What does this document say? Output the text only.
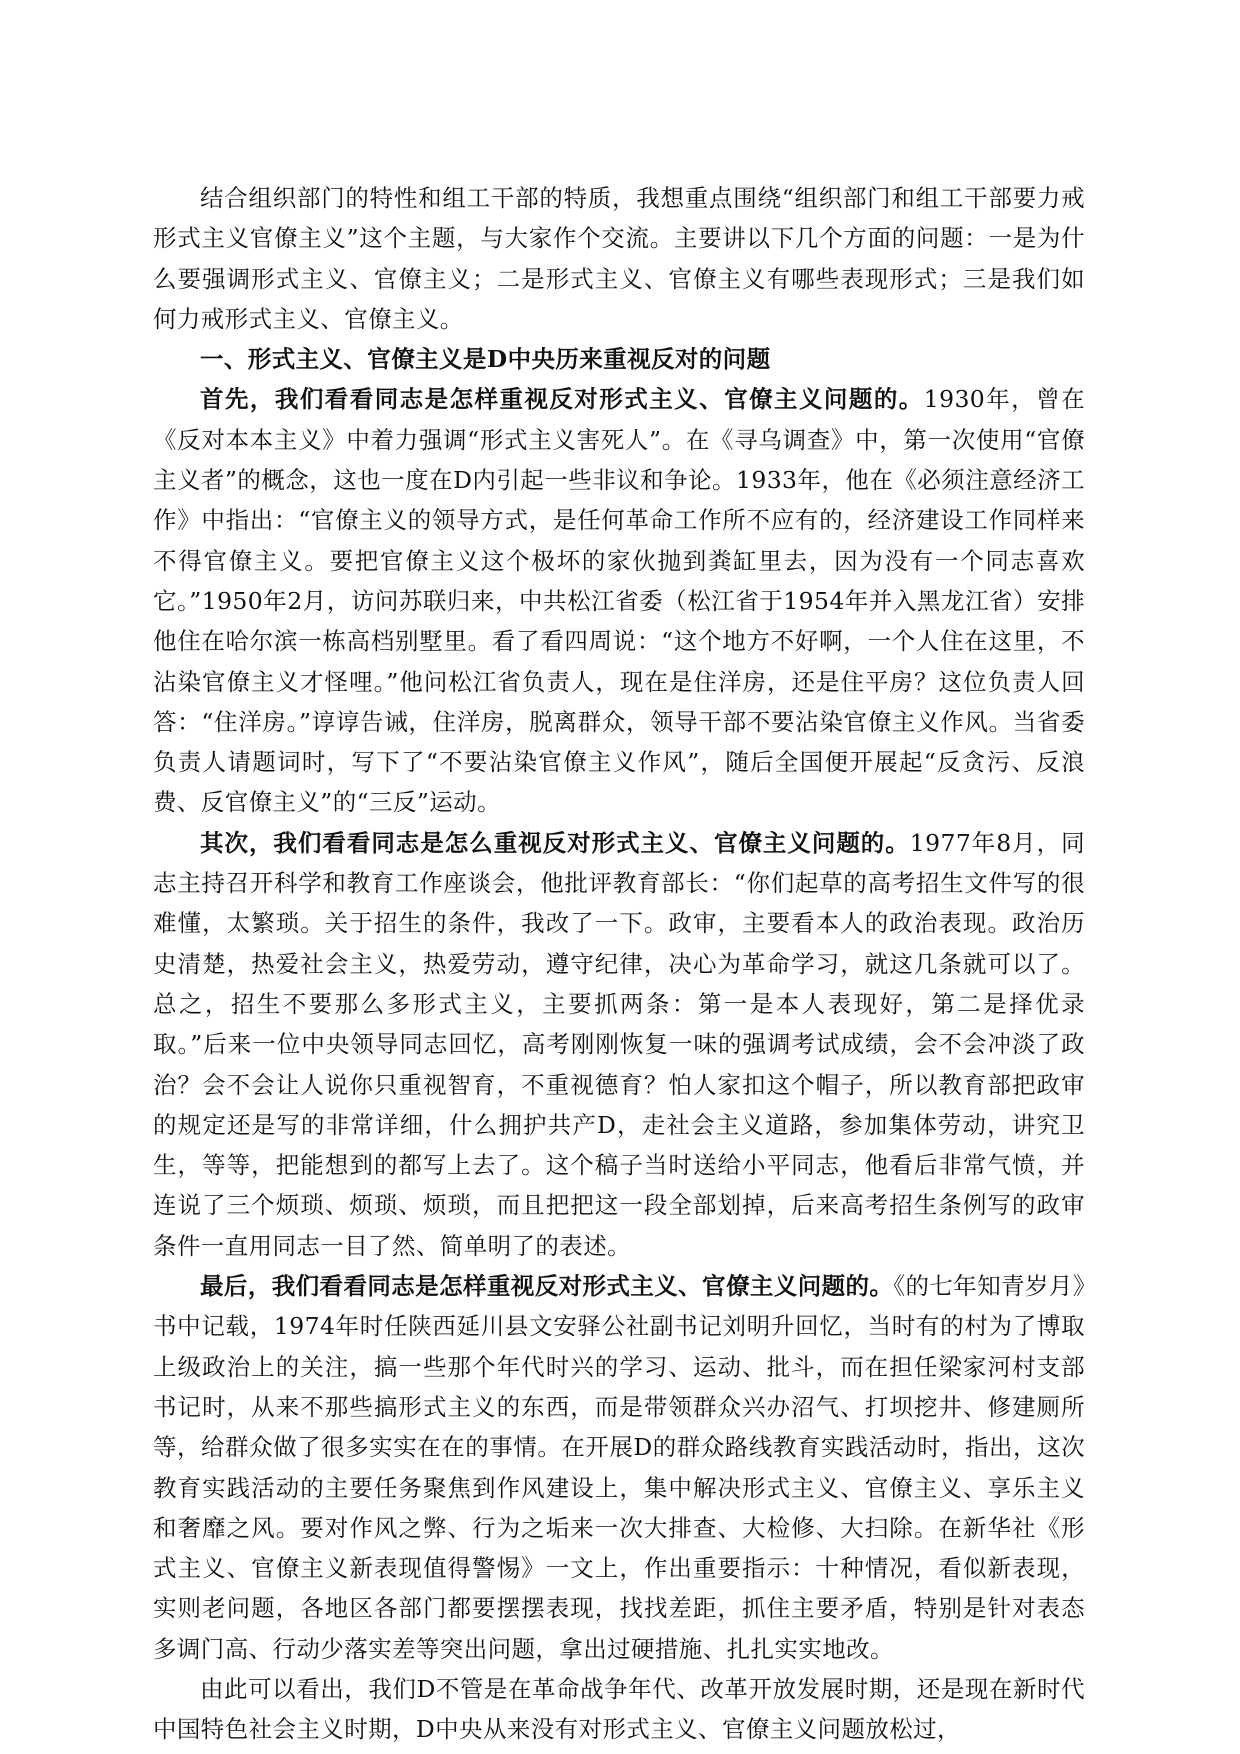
结合组织部门的特性和组工干部的特质，我想重点围绕“组织部门和组工干部要力戒形式主义官僚主义”这个主题，与大家作个交流。主要讲以下几个方面的问题：一是为什么要强调形式主义、官僚主义；二是形式主义、官僚主义有哪些表现形式；三是我们如何力戒形式主义、官僚主义。

一、形式主义、官僚主义是D中央历来重视反对的问题

首先，我们看看同志是怎样重视反对形式主义、官僚主义问题的。1930年，曾在《反对本本主义》中着力强调“形式主义害死人”。在《寻乌调查》中，第一次使用“官僚主义者”的概念，这也一度在D内引起一些非议和争论。1933年，他在《必须注意经济工作》中指出：“官僚主义的领导方式，是任何革命工作所不应有的，经济建设工作同样来不得官僚主义。要把官僚主义这个极坏的家伙抛到粪缸里去，因为没有一个同志喜欢它。”1950年2月，访问苏联归来，中共松江省委（松江省于1954年并入黑龙江省）安排他住在哈尔滨一栋高档别墅里。看了看四周说：“这个地方不好啊，一个人住在这里，不沾染官僚主义才怪哩。”他问松江省负责人，现在是住洋房，还是住平房？这位负责人回答：“住洋房。”谆谆告诫，住洋房，脱离群众，领导干部不要沾染官僚主义作风。当省委负责人请题词时，写下了“不要沾染官僚主义作风”，随后全国便开展起“反贪污、反浪费、反官僚主义”的“三反”运动。

其次，我们看看同志是怎么重视反对形式主义、官僚主义问题的。1977年8月，同志主持召开科学和教育工作座谈会，他批评教育部长：“你们起草的高考招生文件写的很难懂，太繁琐。关于招生的条件，我改了一下。政审，主要看本人的政治表现。政治历史清楚，热爱社会主义，热爱劳动，遵守纪律，决心为革命学习，就这几条就可以了。总之，招生不要那么多形式主义，主要抓两条：第一是本人表现好，第二是择优录取。”后来一位中央领导同志回忆，高考刚刚恢复一味的强调考试成绩，会不会冲淡了政治？会不会让人说你只重视智育，不重视德育？怕人家扣这个帽子，所以教育部把政审的规定还是写的非常详细，什么拥护共产D，走社会主义道路，参加集体劳动，讲究卫生，等等，把能想到的都写上去了。这个稿子当时送给小平同志，他看后非常气愤，并连说了三个烦琐、烦琐、烦琐，而且把把这一段全部划掉，后来高考招生条例写的政审条件一直用同志一目了然、简单明了的表述。

最后，我们看看同志是怎样重视反对形式主义、官僚主义问题的。《的七年知青岁月》书中记载，1974年时任陕西延川县文安驿公社副书记刘明升回忆，当时有的村为了博取上级政治上的关注，搞一些那个年代时兴的学习、运动、批斗，而在担任梁家河村支部书记时，从来不那些搞形式主义的东西，而是带领群众兴办沼气、打坝挖井、修建厕所等，给群众做了很多实实在在的事情。在开展D的群众路线教育实践活动时，指出，这次教育实践活动的主要任务聚焦到作风建设上，集中解决形式主义、官僚主义、享乐主义和奢靡之风。要对作风之弊、行为之垢来一次大排查、大检修、大扫除。在新华社《形式主义、官僚主义新表现值得警惕》一文上，作出重要指示：十种情况，看似新表现，实则老问题，各地区各部门都要摆摆表现，找找差距，抓住主要矛盾，特别是针对表态多调门高、行动少落实差等突出问题，拿出过硬措施、扎扎实实地改。

由此可以看出，我们D不管是在革命战争年代、改革开放发展时期，还是现在新时代中国特色社会主义时期，D中央从来没有对形式主义、官僚主义问题放松过，
